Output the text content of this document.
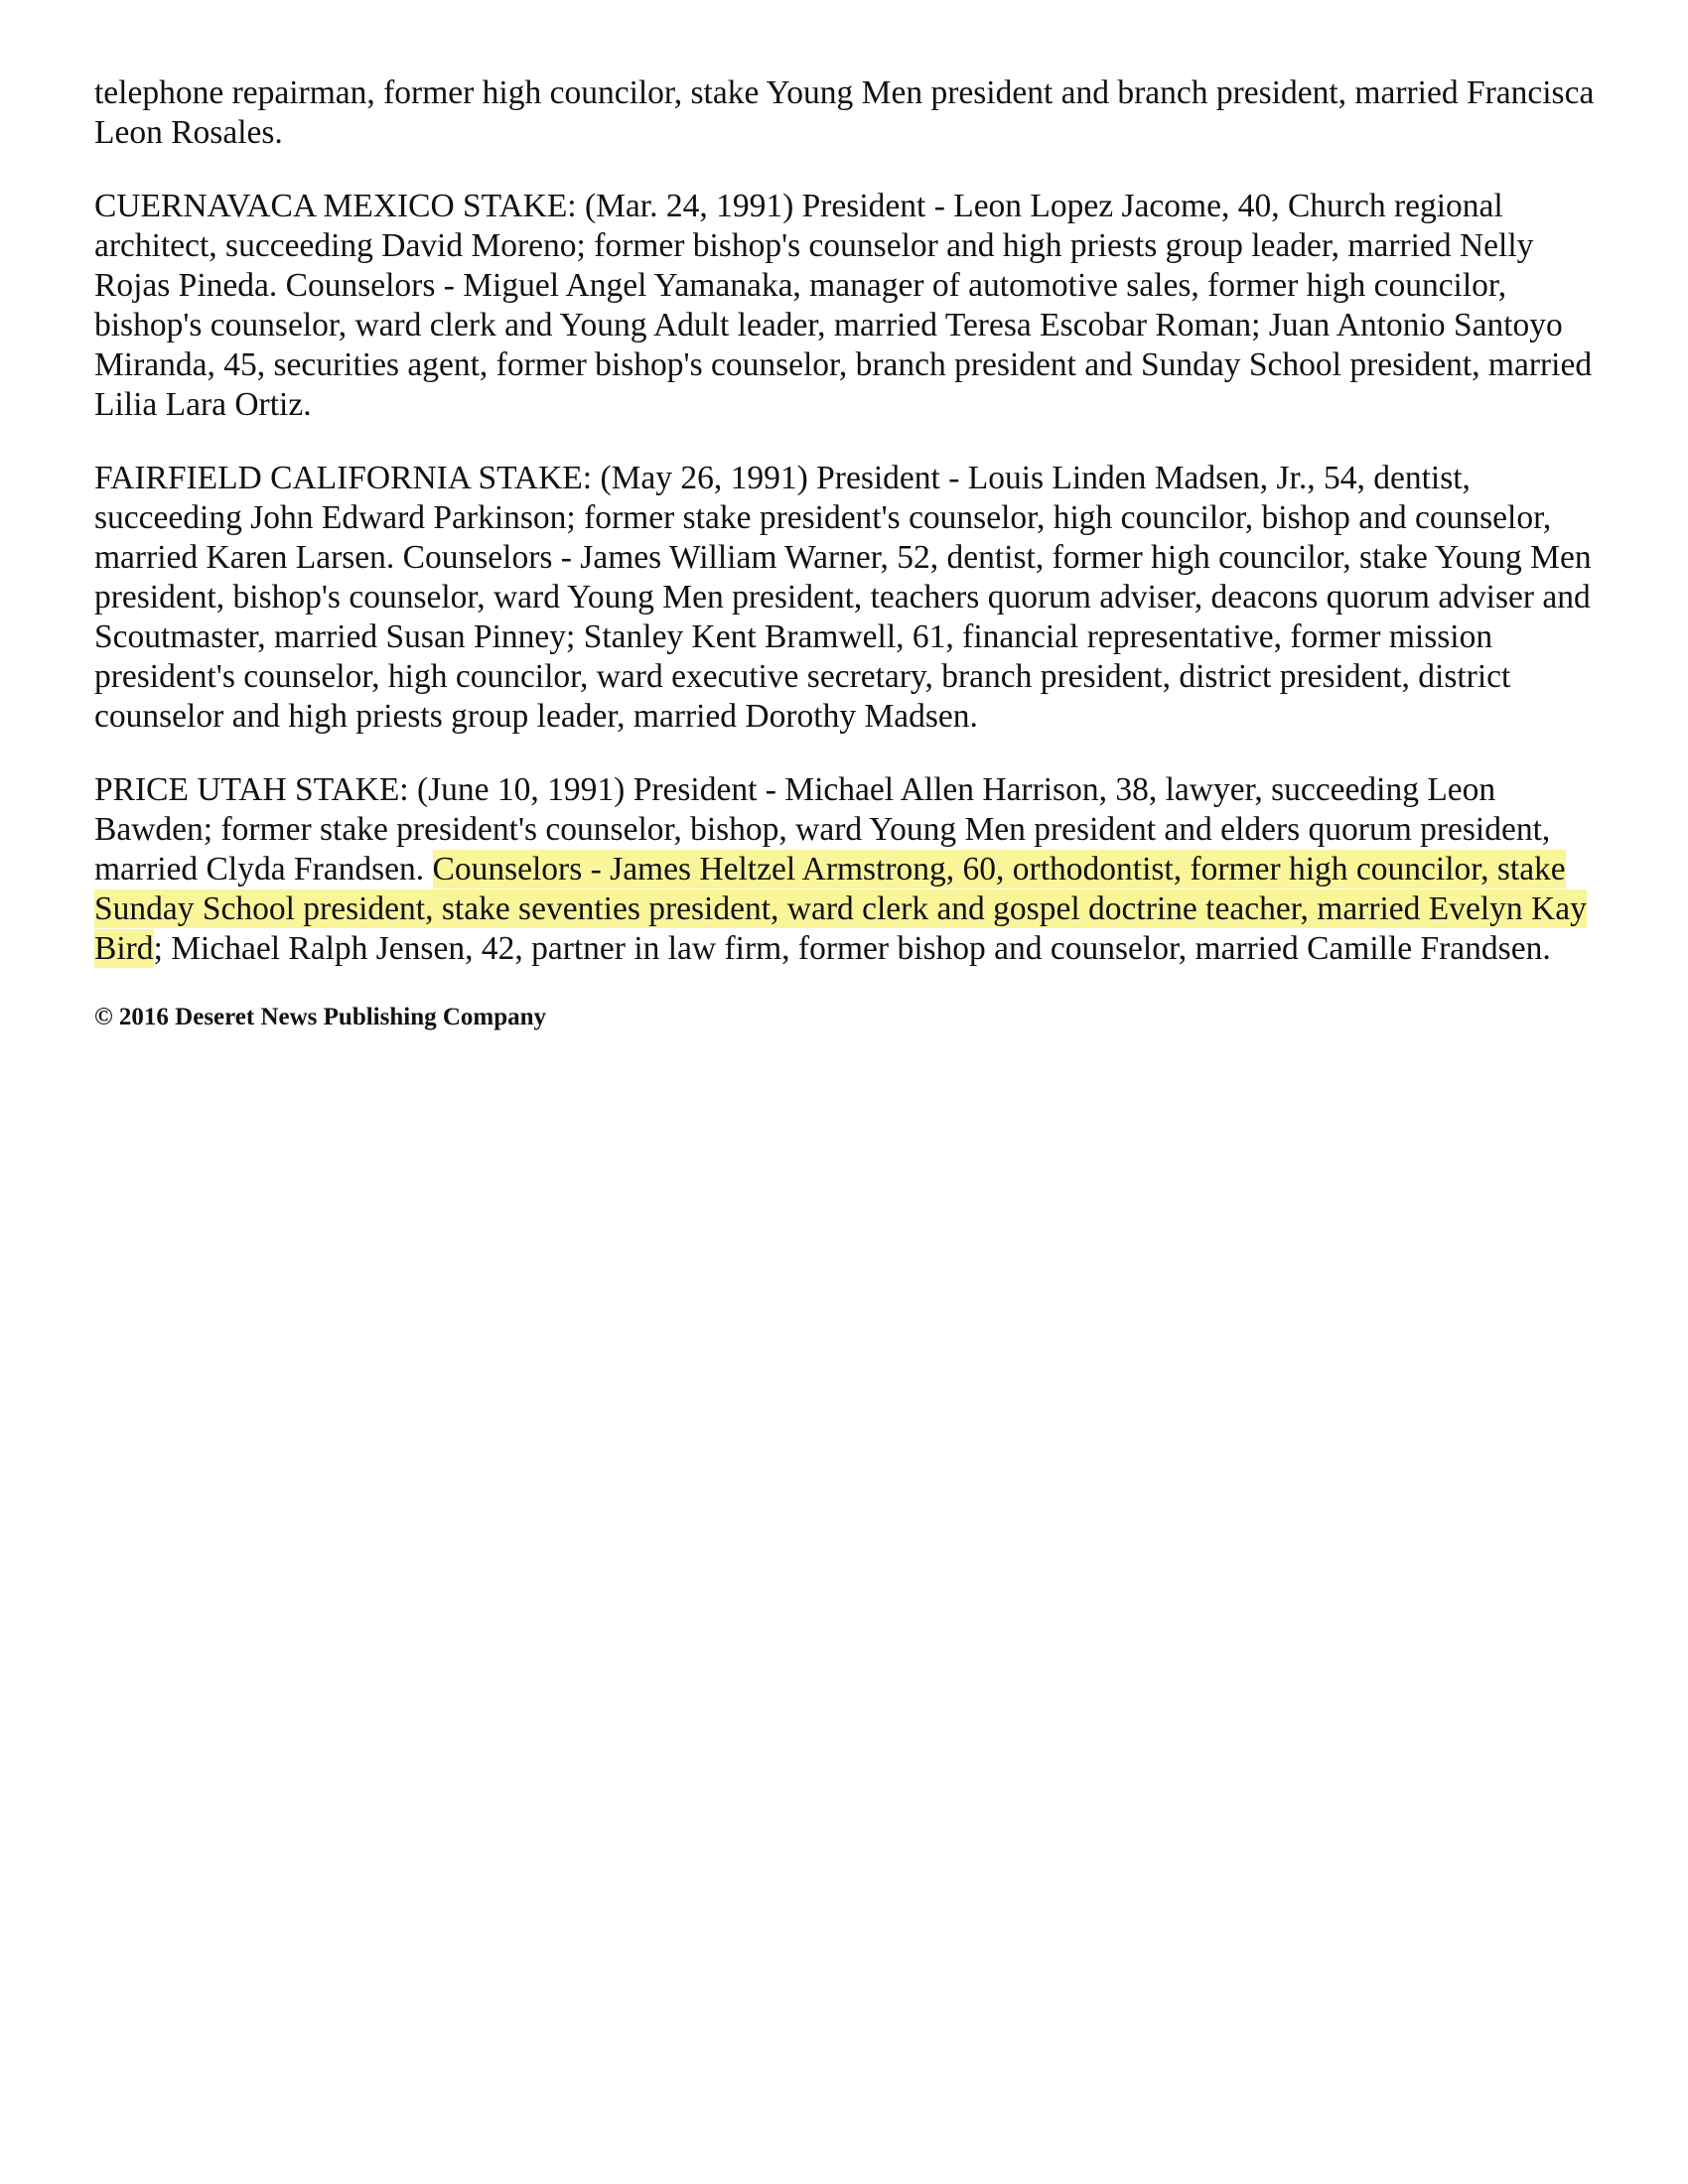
telephone repairman, former high councilor, stake Young Men president and branch president, married Francisca Leon Rosales.

CUERNAVACA MEXICO STAKE: (Mar. 24, 1991) President - Leon Lopez Jacome, 40, Church regional architect, succeeding David Moreno; former bishop's counselor and high priests group leader, married Nelly Rojas Pineda. Counselors - Miguel Angel Yamanaka, manager of automotive sales, former high councilor, bishop's counselor, ward clerk and Young Adult leader, married Teresa Escobar Roman; Juan Antonio Santoyo Miranda, 45, securities agent, former bishop's counselor, branch president and Sunday School president, married Lilia Lara Ortiz.

FAIRFIELD CALIFORNIA STAKE: (May 26, 1991) President - Louis Linden Madsen, Jr., 54, dentist, succeeding John Edward Parkinson; former stake president's counselor, high councilor, bishop and counselor, married Karen Larsen. Counselors - James William Warner, 52, dentist, former high councilor, stake Young Men president, bishop's counselor, ward Young Men president, teachers quorum adviser, deacons quorum adviser and Scoutmaster, married Susan Pinney; Stanley Kent Bramwell, 61, financial representative, former mission president's counselor, high councilor, ward executive secretary, branch president, district president, district counselor and high priests group leader, married Dorothy Madsen.

PRICE UTAH STAKE: (June 10, 1991) President - Michael Allen Harrison, 38, lawyer, succeeding Leon Bawden; former stake president's counselor, bishop, ward Young Men president and elders quorum president, married Clyda Frandsen. Counselors - James Heltzel Armstrong, 60, orthodontist, former high councilor, stake Sunday School president, stake seventies president, ward clerk and gospel doctrine teacher, married Evelyn Kay Bird; Michael Ralph Jensen, 42, partner in law firm, former bishop and counselor, married Camille Frandsen.

© 2016 Deseret News Publishing Company
